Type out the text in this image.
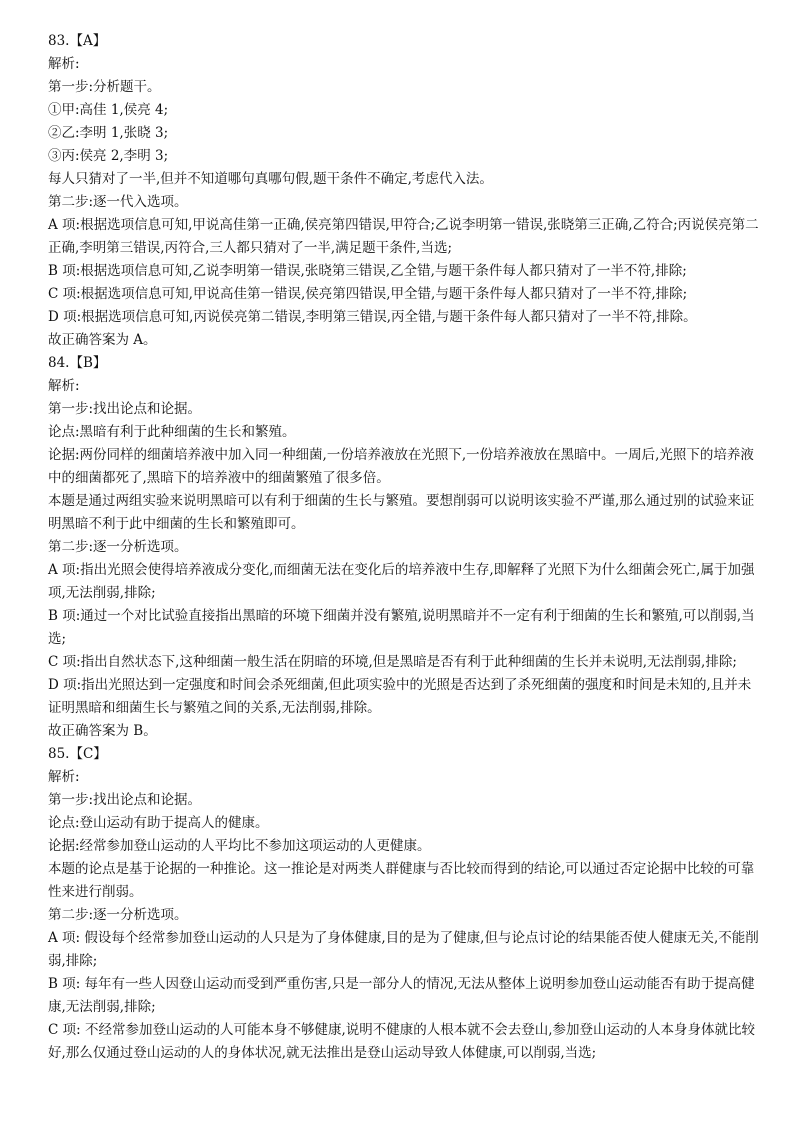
83.【A】

解析:

第一步:分析题干。

①甲:高佳 1,侯亮 4;

②乙:李明 1,张晓 3;

③丙:侯亮 2,李明 3;

每人只猜对了一半,但并不知道哪句真哪句假,题干条件不确定,考虑代入法。

第二步:逐一代入选项。

A 项:根据选项信息可知,甲说高佳第一正确,侯亮第四错误,甲符合;乙说李明第一错误,张晓第三正确,乙符合;丙说侯亮第二正确,李明第三错误,丙符合,三人都只猜对了一半,满足题干条件,当选;

B 项:根据选项信息可知,乙说李明第一错误,张晓第三错误,乙全错,与题干条件每人都只猜对了一半不符,排除;

C 项:根据选项信息可知,甲说高佳第一错误,侯亮第四错误,甲全错,与题干条件每人都只猜对了一半不符,排除;

D 项:根据选项信息可知,丙说侯亮第二错误,李明第三错误,丙全错,与题干条件每人都只猜对了一半不符,排除。

故正确答案为 A。

84.【B】

解析:

第一步:找出论点和论据。

论点:黑暗有利于此种细菌的生长和繁殖。

论据:两份同样的细菌培养液中加入同一种细菌,一份培养液放在光照下,一份培养液放在黑暗中。一周后,光照下的培养液中的细菌都死了,黑暗下的培养液中的细菌繁殖了很多倍。

本题是通过两组实验来说明黑暗可以有利于细菌的生长与繁殖。要想削弱可以说明该实验不严谨,那么通过别的试验来证明黑暗不利于此中细菌的生长和繁殖即可。

第二步:逐一分析选项。

A 项:指出光照会使得培养液成分变化,而细菌无法在变化后的培养液中生存,即解释了光照下为什么细菌会死亡,属于加强项,无法削弱,排除;

B 项:通过一个对比试验直接指出黑暗的环境下细菌并没有繁殖,说明黑暗并不一定有利于细菌的生长和繁殖,可以削弱,当选;

C 项:指出自然状态下,这种细菌一般生活在阴暗的环境,但是黑暗是否有利于此种细菌的生长并未说明,无法削弱,排除;

D 项:指出光照达到一定强度和时间会杀死细菌,但此项实验中的光照是否达到了杀死细菌的强度和时间是未知的,且并未证明黑暗和细菌生长与繁殖之间的关系,无法削弱,排除。

故正确答案为 B。

85.【C】

解析:

第一步:找出论点和论据。

论点:登山运动有助于提高人的健康。

论据:经常参加登山运动的人平均比不参加这项运动的人更健康。

本题的论点是基于论据的一种推论。这一推论是对两类人群健康与否比较而得到的结论,可以通过否定论据中比较的可靠性来进行削弱。

第二步:逐一分析选项。

A 项: 假设每个经常参加登山运动的人只是为了身体健康,目的是为了健康,但与论点讨论的结果能否使人健康无关,不能削弱,排除;

B 项: 每年有一些人因登山运动而受到严重伤害,只是一部分人的情况,无法从整体上说明参加登山运动能否有助于提高健康,无法削弱,排除;

C 项: 不经常参加登山运动的人可能本身不够健康,说明不健康的人根本就不会去登山,参加登山运动的人本身身体就比较好,那么仅通过登山运动的人的身体状况,就无法推出是登山运动导致人体健康,可以削弱,当选;
